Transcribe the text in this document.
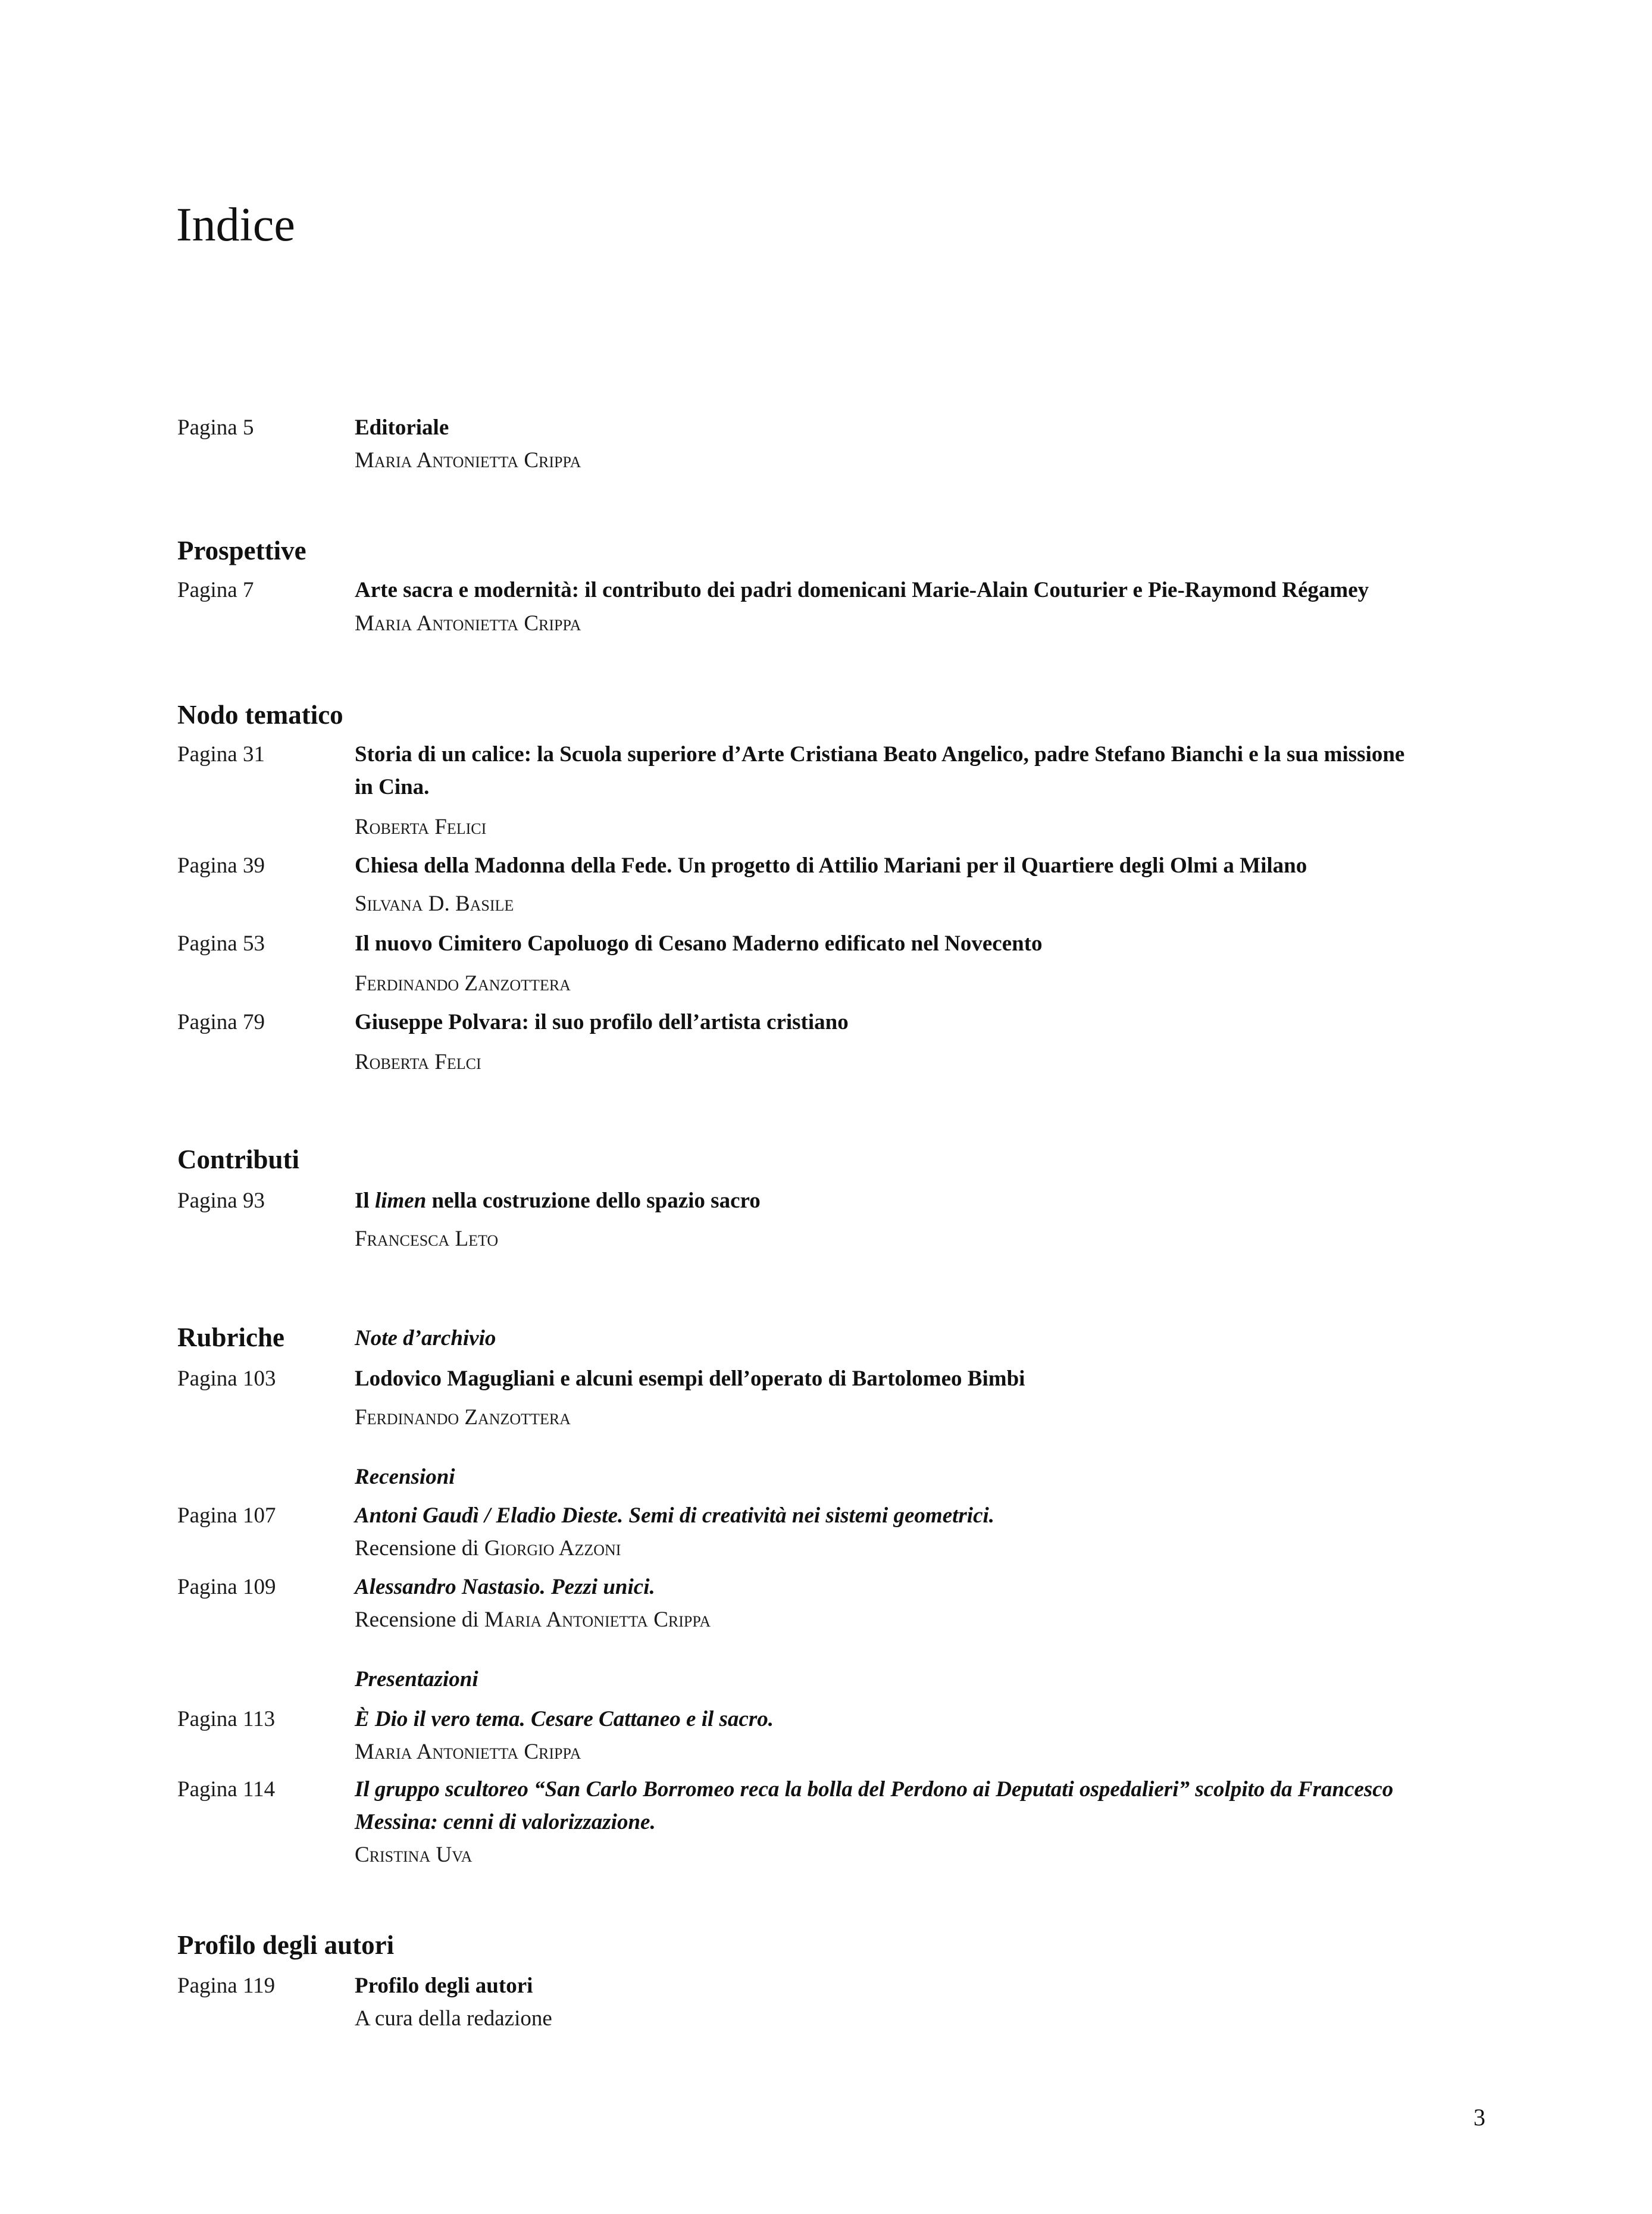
Indice
Pagina 5	Editoriale
Maria Antonietta Crippa
Prospettive
Pagina 7	Arte sacra e modernità: il contributo dei padri domenicani Marie-Alain Couturier e Pie-Raymond Régamey
Maria Antonietta Crippa
Nodo tematico
Pagina 31	Storia di un calice: la Scuola superiore d’Arte Cristiana Beato Angelico, padre Stefano Bianchi e la sua missione
in Cina.
Roberta Felici
Pagina 39	Chiesa della Madonna della Fede. Un progetto di Attilio Mariani per il Quartiere degli Olmi a Milano
Silvana D. Basile
Pagina 53	Il nuovo Cimitero Capoluogo di Cesano Maderno edificato nel Novecento
Ferdinando Zanzottera
Pagina 79	Giuseppe Polvara: il suo profilo dell’artista cristiano
Roberta Felci
Contributi
Pagina 93	Il limen nella costruzione dello spazio sacro
Francesca Leto
Rubriche	Note d’archivio
Pagina 103	Lodovico Magugliani e alcuni esempi dell’operato di Bartolomeo Bimbi
Ferdinando Zanzottera
Recensioni
Pagina 107	Antoni Gaudì / Eladio Dieste. Semi di creatività nei sistemi geometrici.
Recensione di Giorgio Azzoni
Pagina 109	Alessandro Nastasio. Pezzi unici.
Recensione di Maria Antonietta Crippa
Presentazioni
Pagina 113	È Dio il vero tema. Cesare Cattaneo e il sacro.
Maria Antonietta Crippa
Pagina 114	Il gruppo scultoreo “San Carlo Borromeo reca la bolla del Perdono ai Deputati ospedalieri” scolpito da Francesco
Messina: cenni di valorizzazione.
Cristina Uva
Profilo degli autori
Pagina 119	Profilo degli autori
A cura della redazione
3
